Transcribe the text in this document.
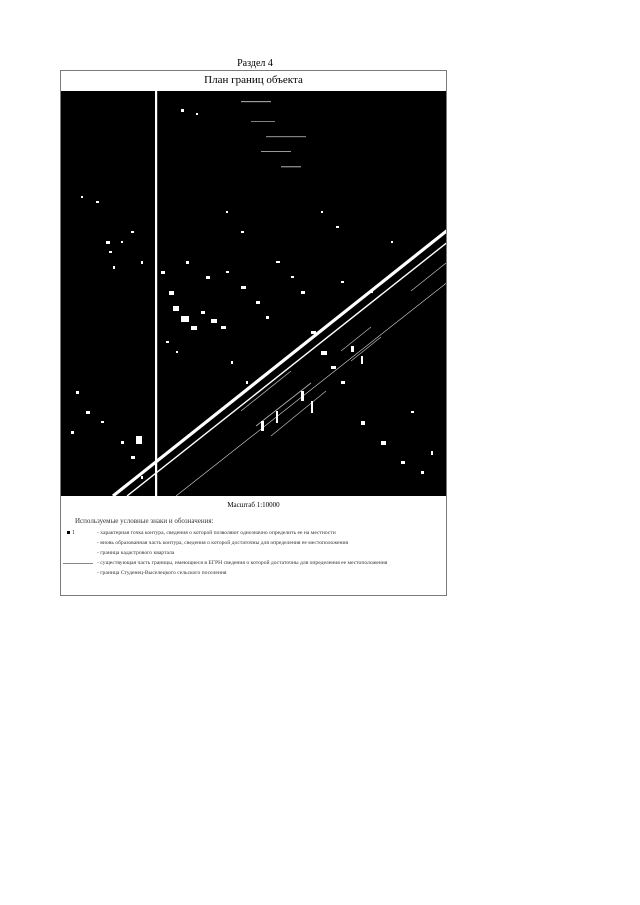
Раздел 4
План границ объекта
Масштаб 1:10000
Используемые условные знаки и обозначения:
1	- характерная точка контура, сведения о которой позволяют однозначно определить ее на местности
- вновь образованная часть контура, сведения о которой достаточны для определения ее местоположения
- граница кадастрового квартала
- существующая часть границы, имеющиеся в ЕГРН сведения о которой достаточны для определения ее местоположения
- граница Студенец-Выселецкого сельского поселения
